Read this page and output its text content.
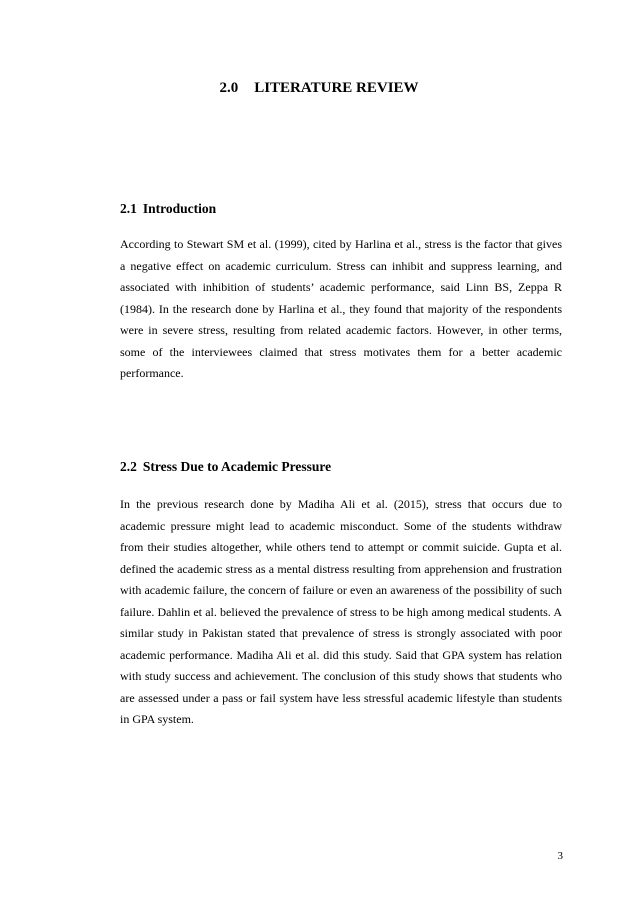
2.0 LITERATURE REVIEW
2.1 Introduction

According to Stewart SM et al. (1999), cited by Harlina et al., stress is the factor that gives a negative effect on academic curriculum. Stress can inhibit and suppress learning, and associated with inhibition of students’ academic performance, said Linn BS, Zeppa R (1984). In the research done by Harlina et al., they found that majority of the respondents were in severe stress, resulting from related academic factors. However, in other terms, some of the interviewees claimed that stress motivates them for a better academic performance.

2.2 Stress Due to Academic Pressure

In the previous research done by Madiha Ali et al. (2015), stress that occurs due to academic pressure might lead to academic misconduct. Some of the students withdraw from their studies altogether, while others tend to attempt or commit suicide. Gupta et al. defined the academic stress as a mental distress resulting from apprehension and frustration with academic failure, the concern of failure or even an awareness of the possibility of such failure. Dahlin et al. believed the prevalence of stress to be high among medical students. A similar study in Pakistan stated that prevalence of stress is strongly associated with poor academic performance. Madiha Ali et al. did this study. Said that GPA system has relation with study success and achievement. The conclusion of this study shows that students who are assessed under a pass or fail system have less stressful academic lifestyle than students in GPA system.

3
